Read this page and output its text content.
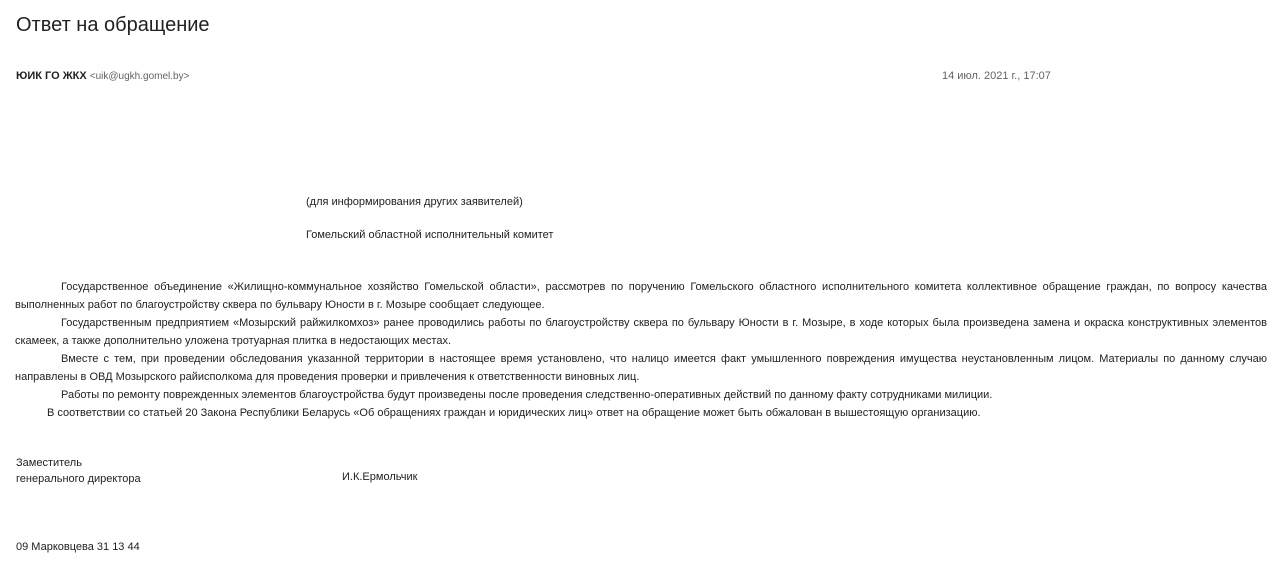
Ответ на обращение
ЮИК ГО ЖКХ <uik@ugkh.gomel.by>	14 июл. 2021 г., 17:07
(для информирования других заявителей)
Гомельский областной исполнительный комитет

Государственное объединение «Жилищно-коммунальное хозяйство Гомельской области», рассмотрев по поручению Гомельского областного исполнительного комитета коллективное обращение граждан, по вопросу качества выполненных работ по благоустройству сквера по бульвару Юности в г. Мозыре сообщает следующее.

Государственным предприятием «Мозырский райжилкомхоз» ранее проводились работы по благоустройству сквера по бульвару Юности в г. Мозыре, в ходе которых была произведена замена и окраска конструктивных элементов скамеек, а также дополнительно уложена тротуарная плитка в недостающих местах.

Вместе с тем, при проведении обследования указанной территории в настоящее время установлено, что налицо имеется факт умышленного повреждения имущества неустановленным лицом. Материалы по данному случаю направлены в ОВД Мозырского райисполкома для проведения проверки и привлечения к ответственности виновных лиц.

Работы по ремонту поврежденных элементов благоустройства будут произведены после проведения следственно-оперативных действий по данному факту сотрудниками милиции.

В соответствии со статьей 20 Закона Республики Беларусь «Об обращениях граждан и юридических лиц» ответ на обращение может быть обжалован в вышестоящую организацию.

Заместитель
генерального директора	И.К.Ермольчик
09 Марковцева 31 13 44
